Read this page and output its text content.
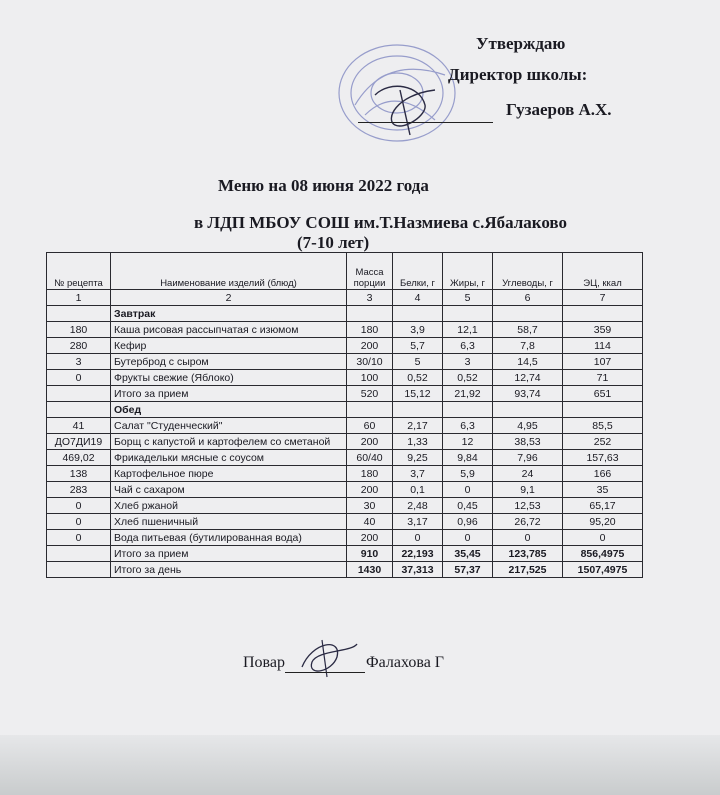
Утверждаю
Директор школы:
Гузаеров А.Х.
Меню на 08 июня 2022 года
в ЛДП МБОУ СОШ им.Т.Назмиева с.Ябалаково
(7-10 лет)
№ рецепта	Наименование изделий (блюд)	Масса порции	Белки, г	Жиры, г	Углеводы, г	ЭЦ, ккал
1	2	3	4	5	6	7
	Завтрак					
180	Каша рисовая рассыпчатая с изюмом	180	3,9	12,1	58,7	359
280	Кефир	200	5,7	6,3	7,8	114
3	Бутерброд с сыром	30/10	5	3	14,5	107
0	Фрукты свежие (Яблоко)	100	0,52	0,52	12,74	71
	Итого за прием	520	15,12	21,92	93,74	651
	Обед					
41	Салат "Студенческий"	60	2,17	6,3	4,95	85,5
ДО7ДИ19	Борщ с капустой и картофелем со сметаной	200	1,33	12	38,53	252
469,02	Фрикадельки мясные с соусом	60/40	9,25	9,84	7,96	157,63
138	Картофельное пюре	180	3,7	5,9	24	166
283	Чай с сахаром	200	0,1	0	9,1	35
0	Хлеб ржаной	30	2,48	0,45	12,53	65,17
0	Хлеб пшеничный	40	3,17	0,96	26,72	95,20
0	Вода питьевая (бутилированная вода)	200	0	0	0	0
	Итого за прием	910	22,193	35,45	123,785	856,4975
	Итого за день	1430	37,313	57,37	217,525	1507,4975
Повар	Фалахова Г
